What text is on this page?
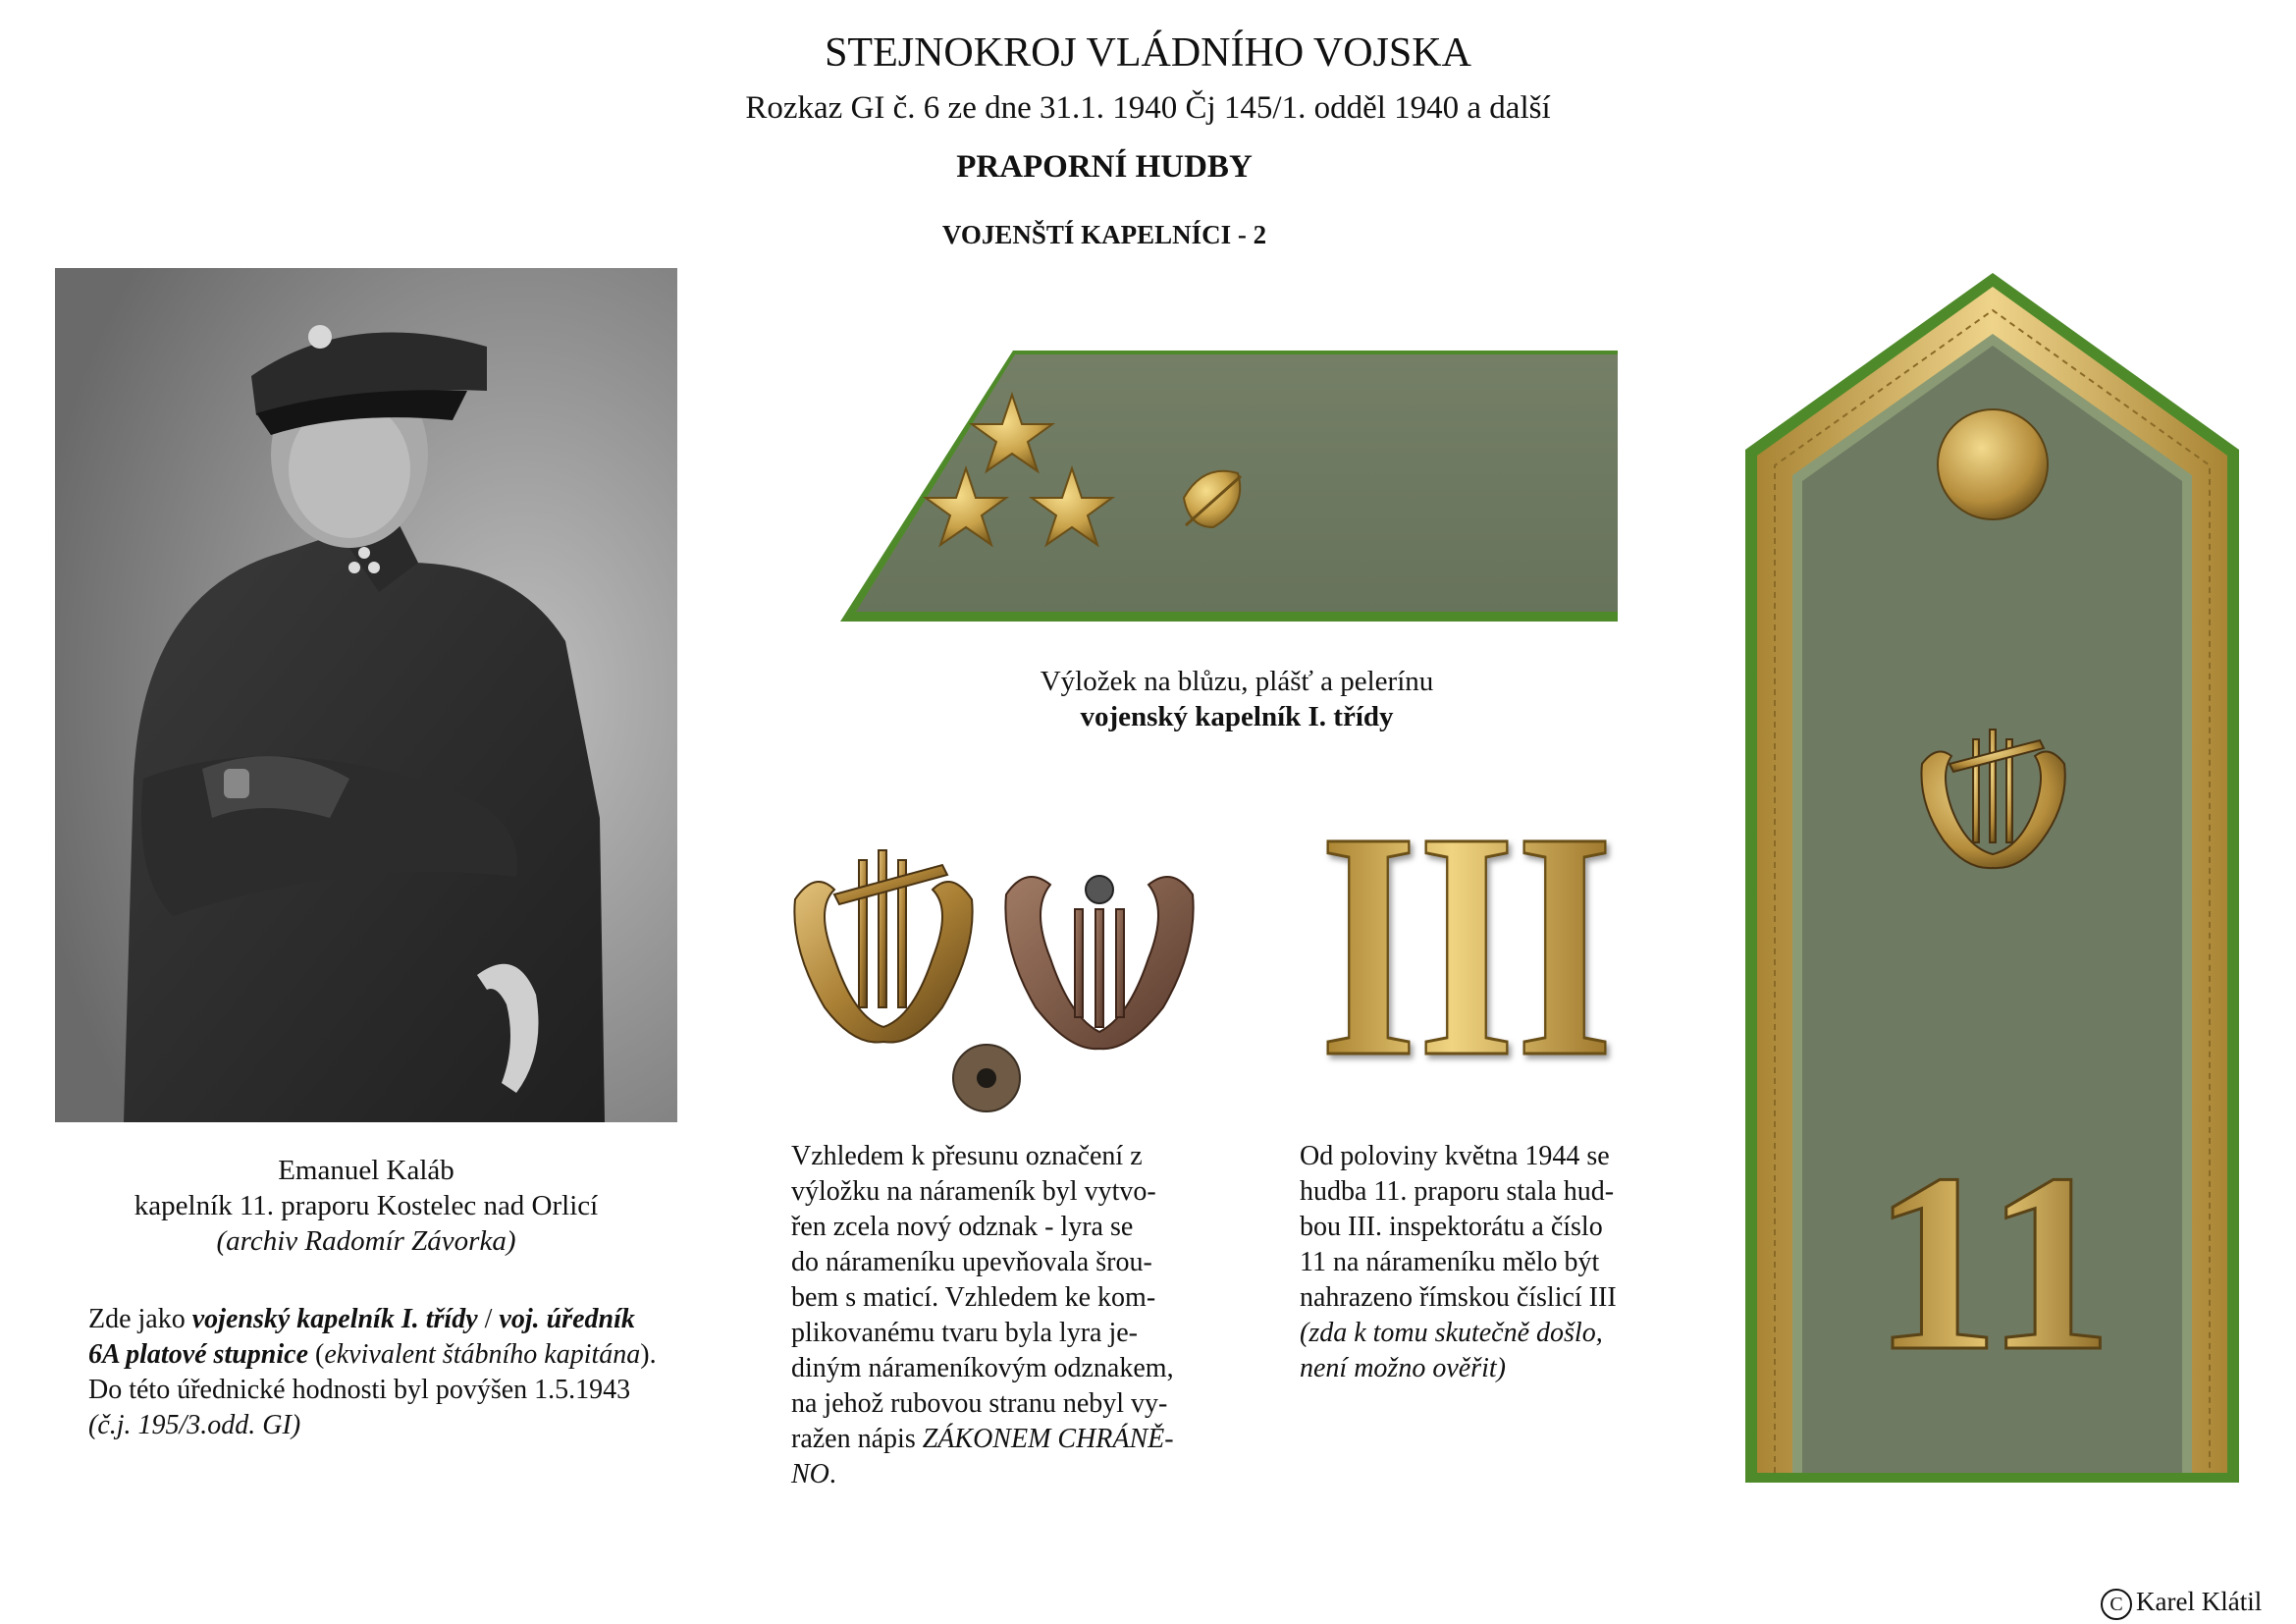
STEJNOKROJ VLÁDNÍHO VOJSKA
Rozkaz GI č. 6 ze dne 31.1. 1940 Čj 145/1. odděl 1940 a další
PRAPORNÍ HUDBY
VOJENŠTÍ KAPELNÍCI - 2
Výložek na blůzu, plášť a pelerínu
vojenský kapelník I. třídy
III
11
Emanuel Kaláb
kapelník 11. praporu Kostelec nad Orlicí
(archiv Radomír Závorka)
Zde jako vojenský kapelník I. třídy / voj. úředník
6A platové stupnice (ekvivalent štábního kapitána).
Do této úřednické hodnosti byl povýšen 1.5.1943
(č.j. 195/3.odd. GI)
Vzhledem k přesunu označení z
výložku na nárameník byl vytvo-
řen zcela nový odznak - lyra se
do nárameníku upevňovala šrou-
bem s maticí. Vzhledem ke kom-
plikovanému tvaru byla lyra je-
diným nárameníkovým odznakem,
na jehož rubovou stranu nebyl vy-
ražen nápis ZÁKONEM CHRÁNĚ-
NO.
Od poloviny května 1944 se
hudba 11. praporu stala hud-
bou III. inspektorátu a číslo
11 na nárameníku mělo být
nahrazeno římskou číslicí III
(zda k tomu skutečně došlo,
není možno ověřit)
C Karel Klátil
